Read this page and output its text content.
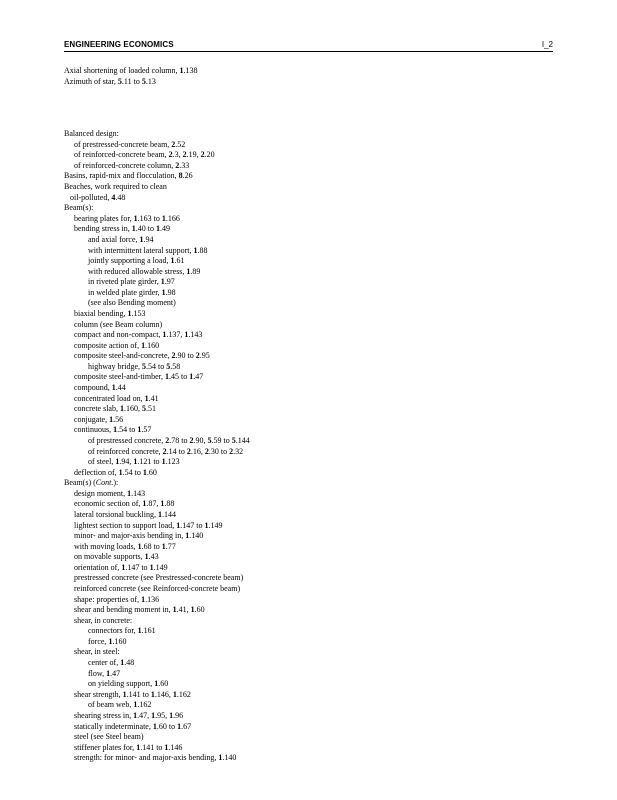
ENGINEERING ECONOMICS	I_2
Axial shortening of loaded column, 1.138
Azimuth of star, 5.11 to 5.13
Balanced design:
of prestressed-concrete beam, 2.52
of reinforced-concrete beam, 2.3, 2.19, 2.20
of reinforced-concrete column, 2.33
Basins, rapid-mix and flocculation, 8.26
Beaches, work required to clean
oil-polluted, 4.48
Beam(s):
bearing plates for, 1.163 to 1.166
bending stress in, 1.40 to 1.49
and axial force, 1.94
with intermittent lateral support, 1.88
jointly supporting a load, 1.61
with reduced allowable stress, 1.89
in riveted plate girder, 1.97
in welded plate girder, 1.98
(see also Bending moment)
biaxial bending, 1.153
column (see Beam column)
compact and non-compact, 1.137, 1.143
composite action of, 1.160
composite steel-and-concrete, 2.90 to 2.95
highway bridge, 5.54 to 5.58
composite steel-and-timber, 1.45 to 1.47
compound, 1.44
concentrated load on, 1.41
concrete slab, 1.160, 5.51
conjugate, 1.56
continuous, 1.54 to 1.57
of prestressed concrete, 2.78 to 2.90, 5.59 to 5.144
of reinforced concrete, 2.14 to 2.16, 2.30 to 2.32
of steel, 1.94, 1.121 to 1.123
deflection of, 1.54 to 1.60
Beam(s) (Cont.):
design moment, 1.143
economic section of, 1.87, 1.88
lateral torsional buckling, 1.144
lightest section to support load, 1.147 to 1.149
minor- and major-axis bending in, 1.140
with moving loads, 1.68 to 1.77
on movable supports, 1.43
orientation of, 1.147 to 1.149
prestressed concrete (see Prestressed-concrete beam)
reinforced concrete (see Reinforced-concrete beam)
shape: properties of, 1.136
shear and bending moment in, 1.41, 1.60
shear, in concrete:
connectors for, 1.161
force, 1.160
shear, in steel:
center of, 1.48
flow, 1.47
on yielding support, 1.60
shear strength, 1.141 to 1.146, 1.162
of beam web, 1.162
shearing stress in, 1.47, 1.95, 1.96
statically indeterminate, 1.60 to 1.67
steel (see Steel beam)
stiffener plates for, 1.141 to 1.146
strength: for minor- and major-axis bending, 1.140
